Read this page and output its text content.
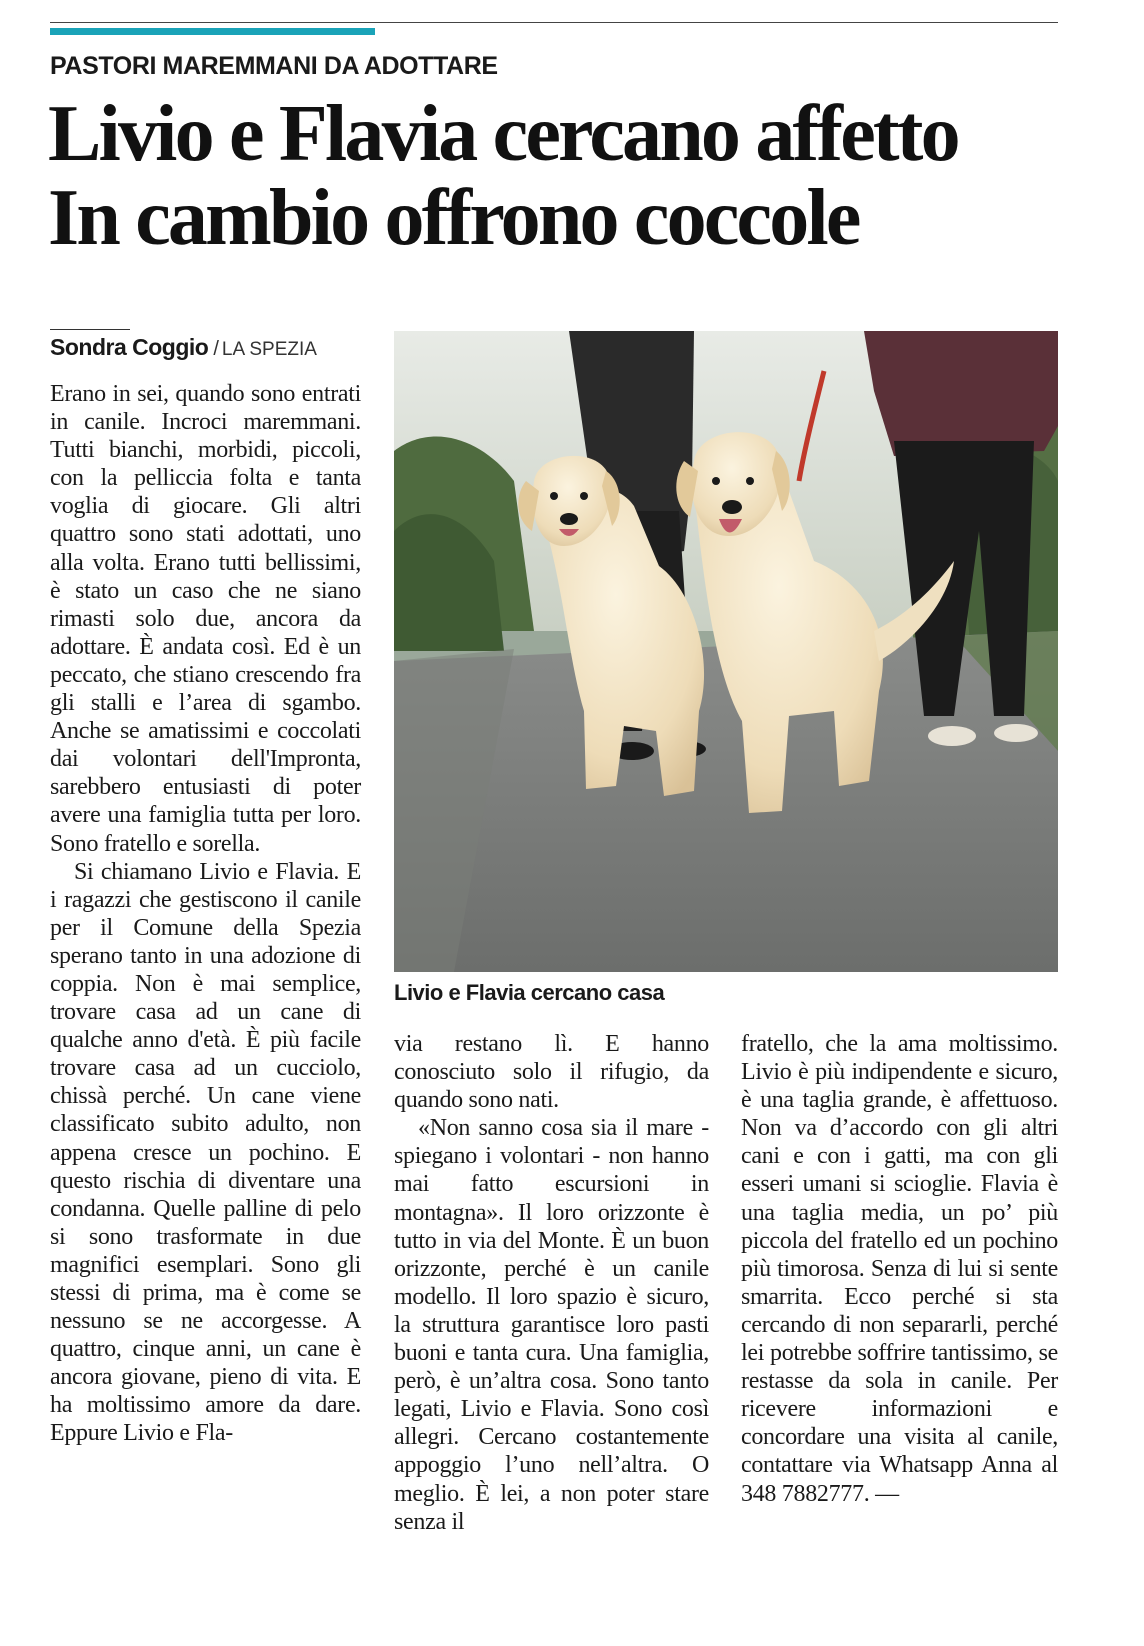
PASTORI MAREMMANI DA ADOTTARE
Livio e Flavia cercano affetto
In cambio offrono coccole
Sondra Coggio / LA SPEZIA

Erano in sei, quando sono entrati in canile. Incroci maremmani. Tutti bianchi, morbidi, piccoli, con la pelliccia folta e tanta voglia di giocare. Gli altri quattro sono stati adottati, uno alla volta. Erano tutti bellissimi, è stato un caso che ne siano rimasti solo due, ancora da adottare. È andata così. Ed è un peccato, che stiano crescendo fra gli stalli e l’area di sgambo. Anche se amatissimi e coccolati dai volontari dell'Impronta, sarebbero entusiasti di poter avere una famiglia tutta per loro. Sono fratello e sorella.

Si chiamano Livio e Flavia. E i ragazzi che gestiscono il canile per il Comune della Spezia sperano tanto in una adozione di coppia. Non è mai semplice, trovare casa ad un cane di qualche anno d'età. È più facile trovare casa ad un cucciolo, chissà perché. Un cane viene classificato subito adulto, non appena cresce un pochino. E questo rischia di diventare una condanna. Quelle palline di pelo si sono trasformate in due magnifici esemplari. Sono gli stessi di prima, ma è come se nessuno se ne accorgesse. A quattro, cinque anni, un cane è ancora giovane, pieno di vita. E ha moltissimo amore da dare. Eppure Livio e Fla-

Livio e Flavia cercano casa

via restano lì. E hanno conosciuto solo il rifugio, da quando sono nati.

«Non sanno cosa sia il mare - spiegano i volontari - non hanno mai fatto escursioni in montagna». Il loro orizzonte è tutto in via del Monte. È un buon orizzonte, perché è un canile modello. Il loro spazio è sicuro, la struttura garantisce loro pasti buoni e tanta cura. Una famiglia, però, è un’altra cosa. Sono tanto legati, Livio e Flavia. Sono così allegri. Cercano costantemente appoggio l’uno nell’altra. O meglio. È lei, a non poter stare senza il

fratello, che la ama moltissimo. Livio è più indipendente e sicuro, è una taglia grande, è affettuoso. Non va d’accordo con gli altri cani e con i gatti, ma con gli esseri umani si scioglie. Flavia è una taglia media, un po’ più piccola del fratello ed un pochino più timorosa. Senza di lui si sente smarrita. Ecco perché si sta cercando di non separarli, perché lei potrebbe soffrire tantissimo, se restasse da sola in canile. Per ricevere informazioni e concordare una visita al canile, contattare via Whatsapp Anna al 348 7882777. —
